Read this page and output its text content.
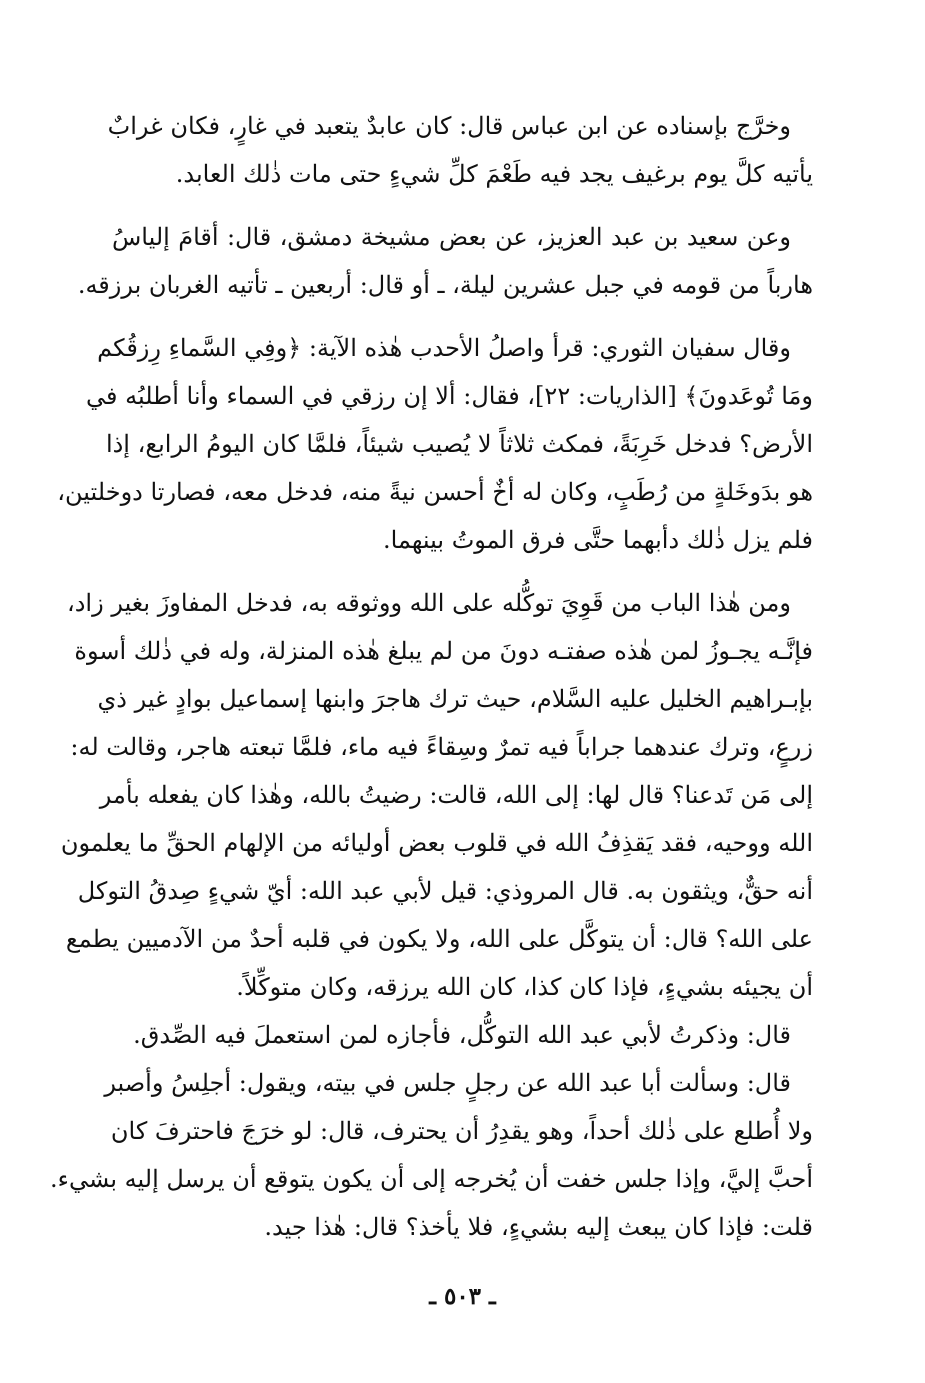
وخرَّج بإسناده عن ابن عباس قال: كان عابدٌ يتعبد في غارٍ، فكان غرابٌ
يأتيه كلَّ يوم برغيف يجد فيه طَعْمَ كلِّ شيءٍ حتى مات ذٰلك العابد.
وعن سعيد بن عبد العزيز، عن بعض مشيخة دمشق، قال: أقامَ إلياسُ
هارباً من قومه في جبل عشرين ليلة، ـ أو قال: أربعين ـ تأتيه الغربان برزقه.
وقال سفيان الثوري: قرأ واصلُ الأحدب هٰذه الآية: ﴿وفِي السَّماءِ رِزقُكم
ومَا تُوعَدونَ﴾ [الذاريات: ٢٢]، فقال: ألا إن رزقي في السماء وأنا أطلبُه في
الأرض؟ فدخل خَرِبَةً، فمكث ثلاثاً لا يُصيب شيئاً، فلمَّا كان اليومُ الرابع، إذا
هو بدَوخَلةٍ من رُطَبٍ، وكان له أخٌ أحسن نيةً منه، فدخل معه، فصارتا دوخلتين،
فلم يزل ذٰلك دأبهما حتَّى فرق الموتُ بينهما.
ومن هٰذا الباب من قَوِيَ توكُّله على الله ووثوقه به، فدخل المفاوزَ بغير زاد،
فإنَّـه يجـوزُ لمن هٰذه صفتـه دونَ من لم يبلغ هٰذه المنزلة، وله في ذٰلك أسوة
بإبـراهيم الخليل عليه السَّلام، حيث ترك هاجرَ وابنها إسماعيل بوادٍ غير ذي
زرعٍ، وترك عندهما جراباً فيه تمرٌ وسِقاءً فيه ماء، فلمَّا تبعته هاجر، وقالت له:
إلى مَن تَدعنا؟ قال لها: إلى الله، قالت: رضيتُ بالله، وهٰذا كان يفعله بأمر
الله ووحيه، فقد يَقذِفُ الله في قلوب بعض أوليائه من الإلهام الحقِّ ما يعلمون
أنه حقٌّ، ويثقون به. قال المروذي: قيل لأبي عبد الله: أيّ شيءٍ صِدقُ التوكل
على الله؟ قال: أن يتوكَّل على الله، ولا يكون في قلبه أحدٌ من الآدميين يطمع
أن يجيئه بشيءٍ، فإذا كان كذا، كان الله يرزقه، وكان متوكِّلاً.
قال: وذكرتُ لأبي عبد الله التوكُّل، فأجازه لمن استعملَ فيه الصِّدق.
قال: وسألت أبا عبد الله عن رجلٍ جلس في بيته، ويقول: أجلِسُ وأصبر
ولا أُطلع على ذٰلك أحداً، وهو يقدِرُ أن يحترف، قال: لو خرَجَ فاحترفَ كان
أحبَّ إليَّ، وإذا جلس خفت أن يُخرجه إلى أن يكون يتوقع أن يرسل إليه بشيء.
قلت: فإذا كان يبعث إليه بشيءٍ، فلا يأخذ؟ قال: هٰذا جيد.
ـ ٥٠٣ ـ
